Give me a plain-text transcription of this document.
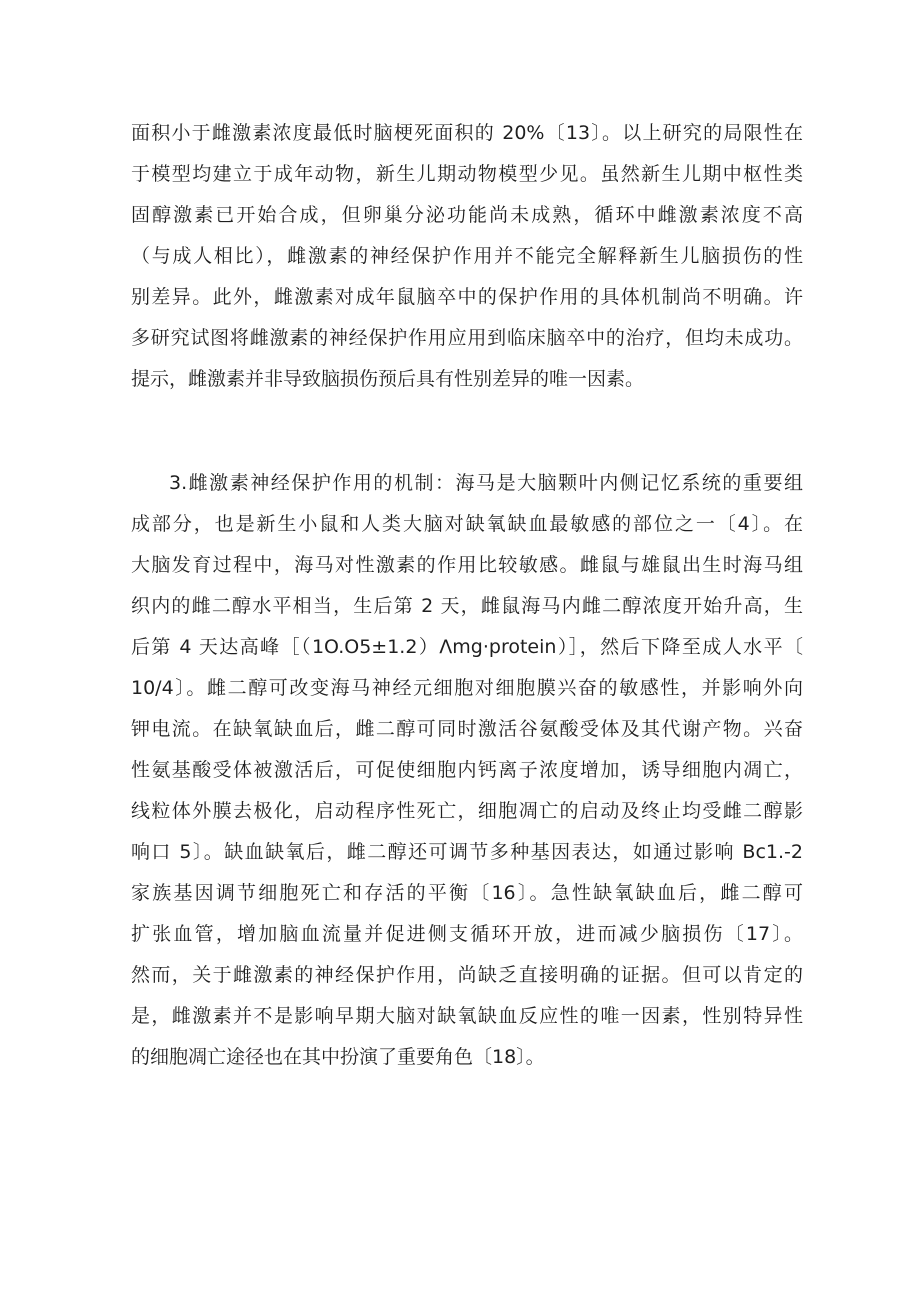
面积小于雌激素浓度最低时脑梗死面积的 20%〔13〕。以上研究的局限性在
于模型均建立于成年动物，新生儿期动物模型少见。虽然新生儿期中枢性类
固醇激素已开始合成，但卵巢分泌功能尚未成熟，循环中雌激素浓度不高
（与成人相比），雌激素的神经保护作用并不能完全解释新生儿脑损伤的性
别差异。此外，雌激素对成年鼠脑卒中的保护作用的具体机制尚不明确。许
多研究试图将雌激素的神经保护作用应用到临床脑卒中的治疗，但均未成功。
提示，雌激素并非导致脑损伤预后具有性别差异的唯一因素。

3.雌激素神经保护作用的机制：海马是大脑颗叶内侧记忆系统的重要组
成部分，也是新生小鼠和人类大脑对缺氧缺血最敏感的部位之一〔4〕。在
大脑发育过程中，海马对性激素的作用比较敏感。雌鼠与雄鼠出生时海马组
织内的雌二醇水平相当，生后第 2 天，雌鼠海马内雌二醇浓度开始升高，生
后第 4 天达高峰［（1O.O5±1.2）Λmg·protein）］，然后下降至成人水平〔
10/4〕。雌二醇可改变海马神经元细胞对细胞膜兴奋的敏感性，并影响外向
钾电流。在缺氧缺血后，雌二醇可同时激活谷氨酸受体及其代谢产物。兴奋
性氨基酸受体被激活后，可促使细胞内钙离子浓度增加，诱导细胞内凋亡，
线粒体外膜去极化，启动程序性死亡，细胞凋亡的启动及终止均受雌二醇影
响口 5〕。缺血缺氧后，雌二醇还可调节多种基因表达，如通过影响 Bc1.-2
家族基因调节细胞死亡和存活的平衡〔16〕。急性缺氧缺血后，雌二醇可
扩张血管，增加脑血流量并促进侧支循环开放，进而减少脑损伤〔17〕。
然而，关于雌激素的神经保护作用，尚缺乏直接明确的证据。但可以肯定的
是，雌激素并不是影响早期大脑对缺氧缺血反应性的唯一因素，性别特异性
的细胞凋亡途径也在其中扮演了重要角色〔18〕。
